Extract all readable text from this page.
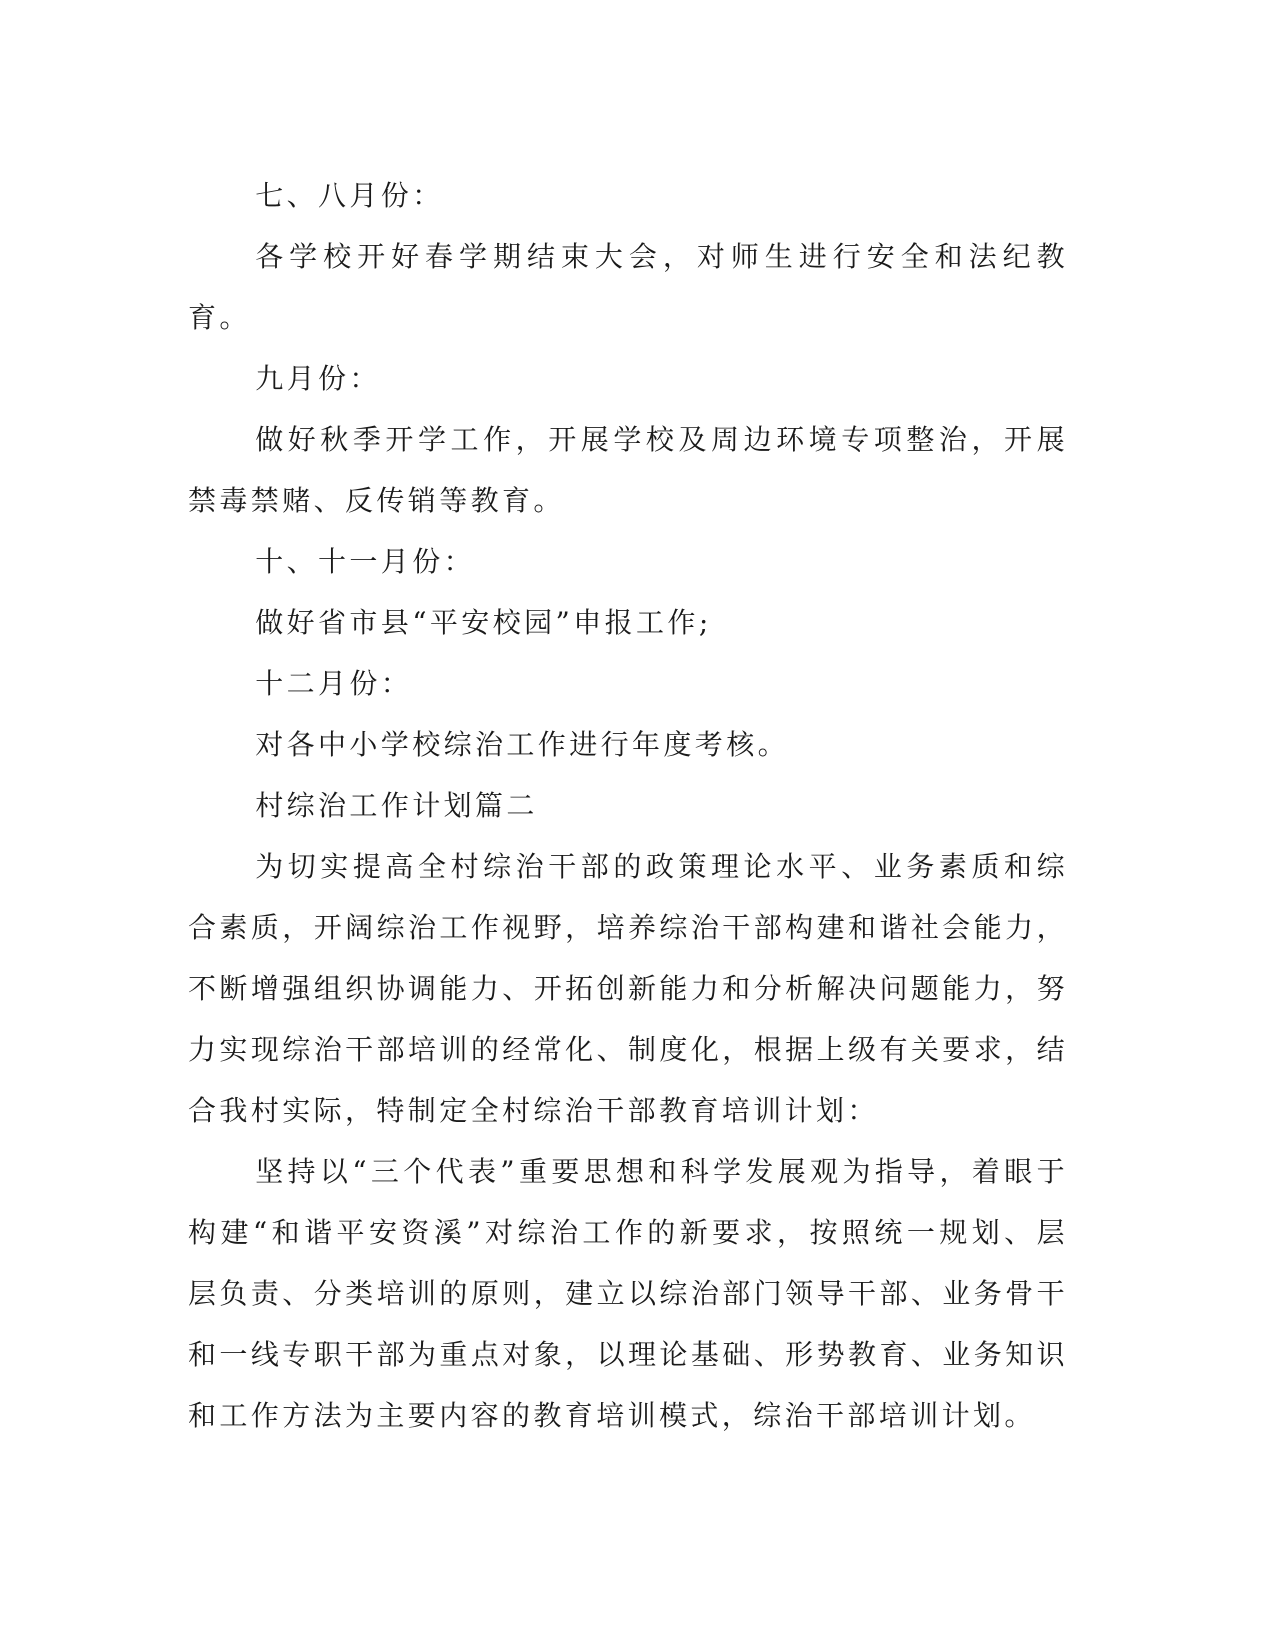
七、八月份：

各学校开好春学期结束大会，对师生进行安全和法纪教育。

九月份：

做好秋季开学工作，开展学校及周边环境专项整治，开展禁毒禁赌、反传销等教育。

十、十一月份：

做好省市县“平安校园”申报工作;

十二月份：

对各中小学校综治工作进行年度考核。

村综治工作计划篇二

为切实提高全村综治干部的政策理论水平、业务素质和综合素质，开阔综治工作视野，培养综治干部构建和谐社会能力，不断增强组织协调能力、开拓创新能力和分析解决问题能力，努力实现综治干部培训的经常化、制度化，根据上级有关要求，结合我村实际，特制定全村综治干部教育培训计划：

坚持以“三个代表”重要思想和科学发展观为指导，着眼于构建“和谐平安资溪”对综治工作的新要求，按照统一规划、层层负责、分类培训的原则，建立以综治部门领导干部、业务骨干和一线专职干部为重点对象，以理论基础、形势教育、业务知识和工作方法为主要内容的教育培训模式，综治干部培训计划。
